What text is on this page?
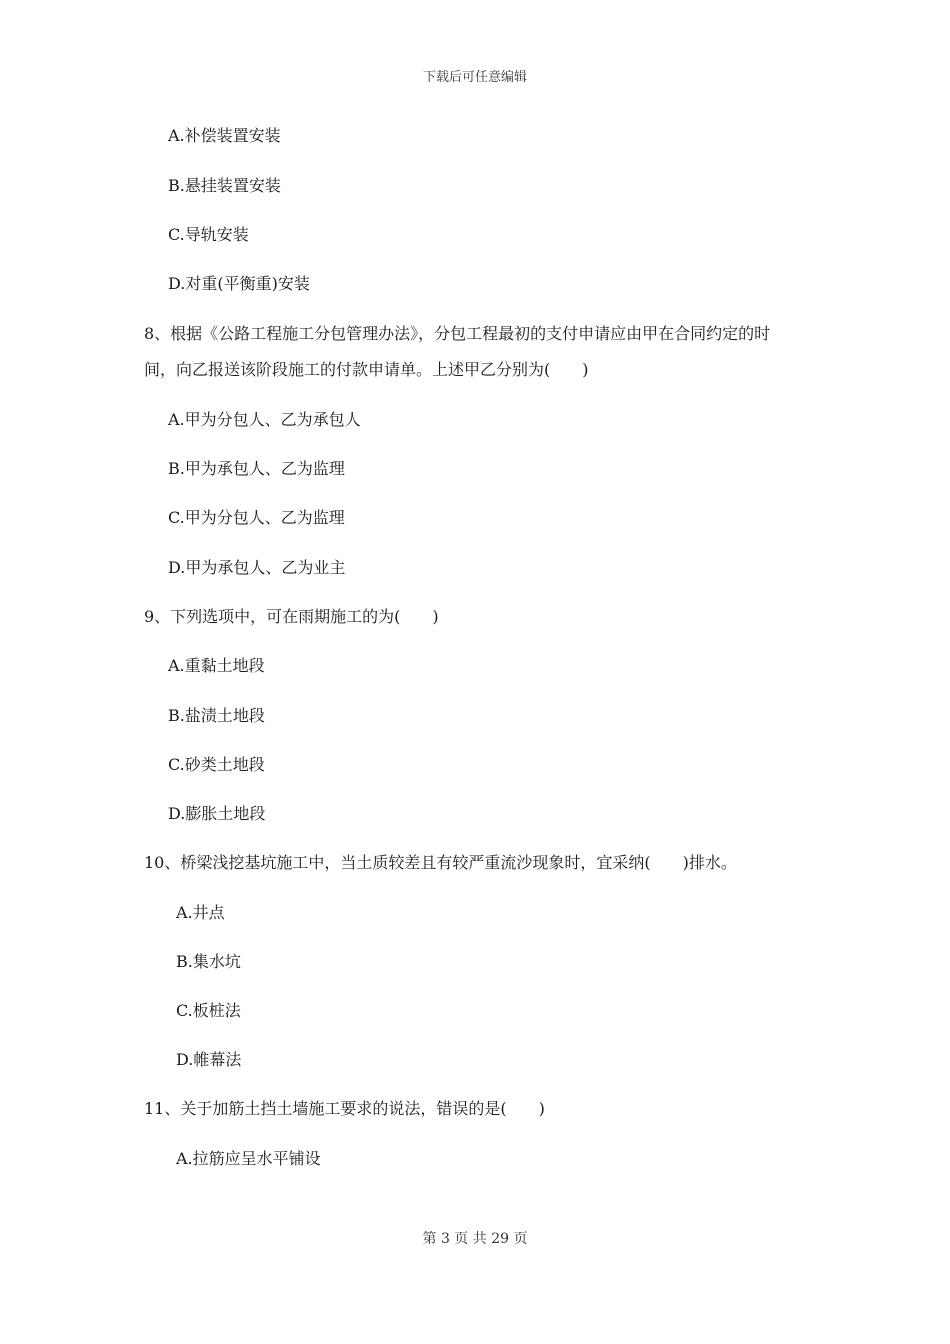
下载后可任意编辑
A.补偿装置安装
B.悬挂装置安装
C.导轨安装
D.对重(平衡重)安装
8、根据《公路工程施工分包管理办法》，分包工程最初的支付申请应由甲在合同约定的时
间，向乙报送该阶段施工的付款申请单。上述甲乙分别为(　　)
A.甲为分包人、乙为承包人
B.甲为承包人、乙为监理
C.甲为分包人、乙为监理
D.甲为承包人、乙为业主
9、下列选项中，可在雨期施工的为(　　)
A.重黏土地段
B.盐渍土地段
C.砂类土地段
D.膨胀土地段
10、桥梁浅挖基坑施工中，当土质较差且有较严重流沙现象时，宜采纳(　　)排水。
A.井点
B.集水坑
C.板桩法
D.帷幕法
11、关于加筋土挡土墙施工要求的说法，错误的是(　　)
A.拉筋应呈水平铺设
第 3 页 共 29 页
